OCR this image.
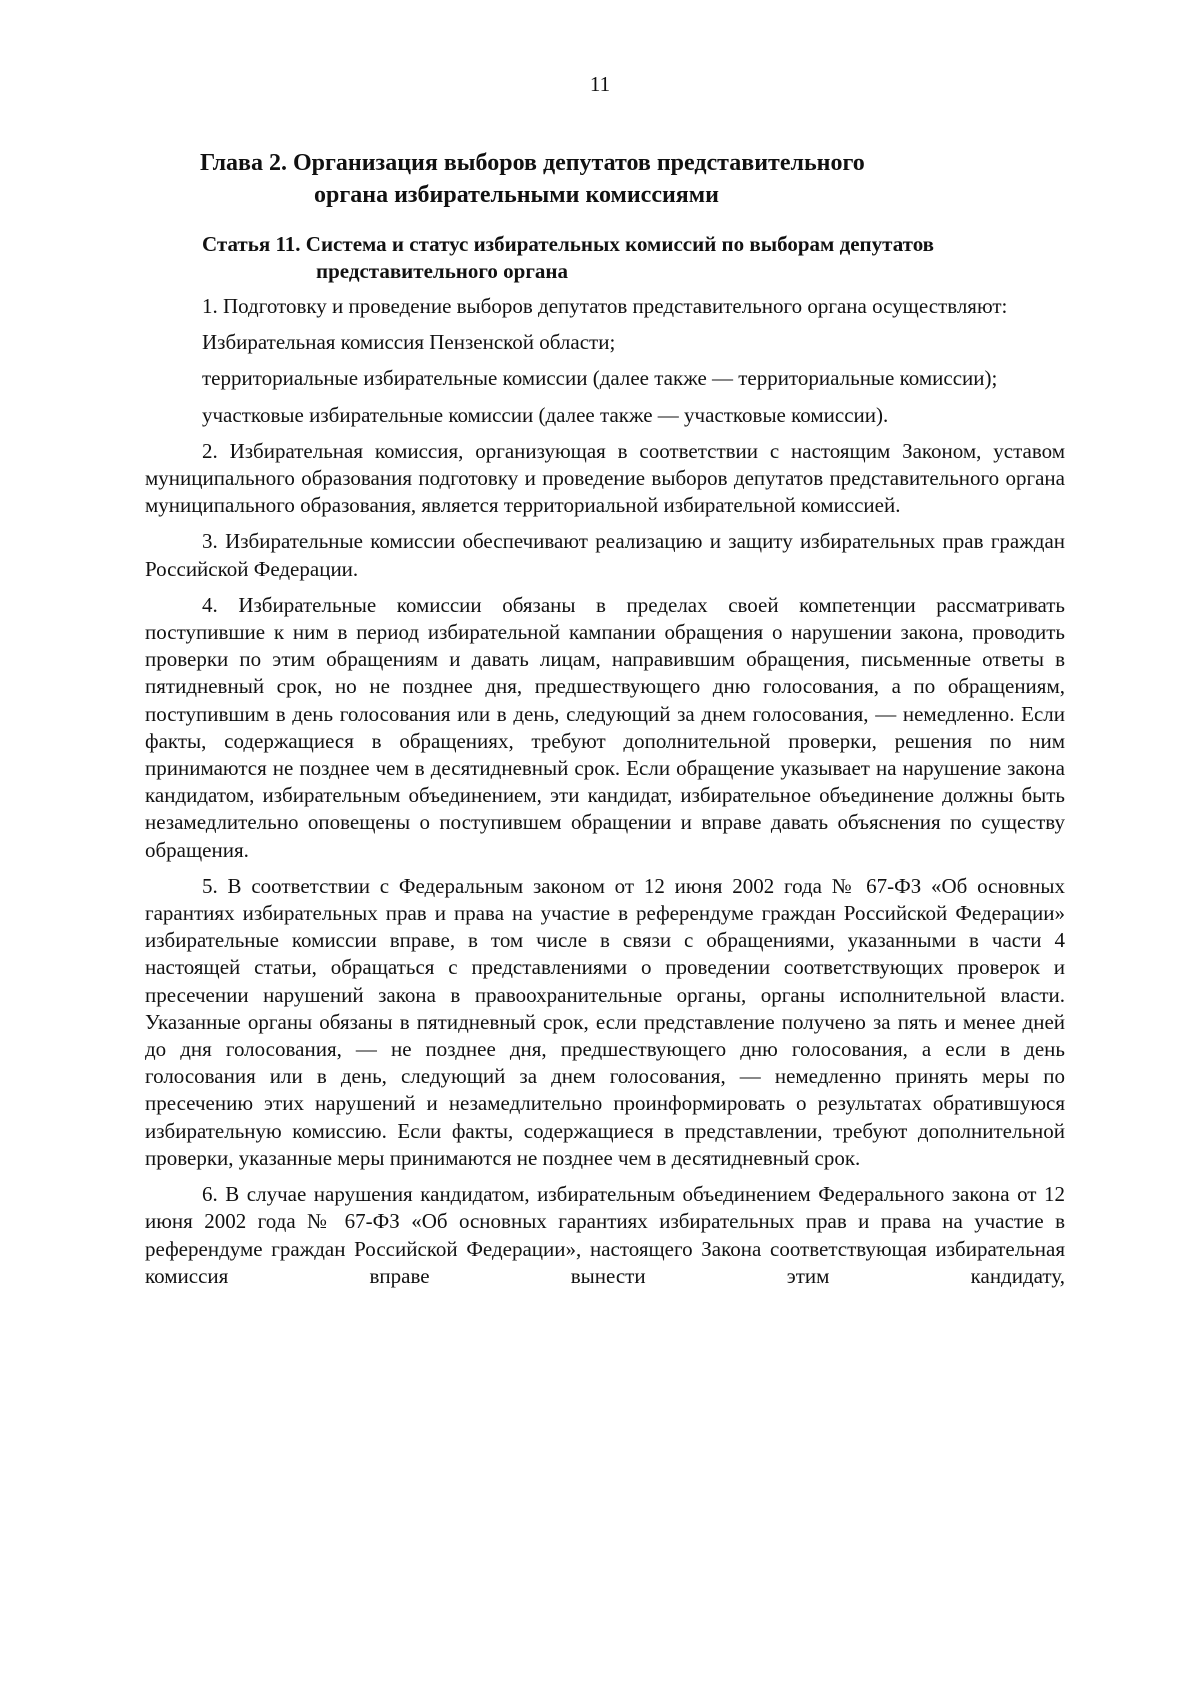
11
Глава 2. Организация выборов депутатов представительного
органа избирательными комиссиями
Статья 11. Система и статус избирательных комиссий по выборам депутатов
представительного органа

1. Подготовку и проведение выборов депутатов представительного органа осуществляют:

Избирательная комиссия Пензенской области;

территориальные избирательные комиссии (далее также — территориальные комиссии);

участковые избирательные комиссии (далее также — участковые комиссии).

2. Избирательная комиссия, организующая в соответствии с настоящим Законом, уставом муниципального образования подготовку и проведение выборов депутатов представительного органа муниципального образования, является территориальной избирательной комиссией.

3. Избирательные комиссии обеспечивают реализацию и защиту избирательных прав граждан Российской Федерации.

4. Избирательные комиссии обязаны в пределах своей компетенции рассматривать поступившие к ним в период избирательной кампании обращения о нарушении закона, проводить проверки по этим обращениям и давать лицам, направившим обращения, письменные ответы в пятидневный срок, но не позднее дня, предшествующего дню голосования, а по обращениям, поступившим в день голосования или в день, следующий за днем голосования, — немедленно. Если факты, содержащиеся в обращениях, требуют дополнительной проверки, решения по ним принимаются не позднее чем в десятидневный срок. Если обращение указывает на нарушение закона кандидатом, избирательным объединением, эти кандидат, избирательное объединение должны быть незамедлительно оповещены о поступившем обращении и вправе давать объяснения по существу обращения.

5. В соответствии с Федеральным законом от 12 июня 2002 года № 67-ФЗ «Об основных гарантиях избирательных прав и права на участие в референдуме граждан Российской Федерации» избирательные комиссии вправе, в том числе в связи с обращениями, указанными в части 4 настоящей статьи, обращаться с представлениями о проведении соответствующих проверок и пресечении нарушений закона в правоохранительные органы, органы исполнительной власти. Указанные органы обязаны в пятидневный срок, если представление получено за пять и менее дней до дня голосования, — не позднее дня, предшествующего дню голосования, а если в день голосования или в день, следующий за днем голосования, — немедленно принять меры по пресечению этих нарушений и незамедлительно проинформировать о результатах обратившуюся избирательную комиссию. Если факты, содержащиеся в представлении, требуют дополнительной проверки, указанные меры принимаются не позднее чем в десятидневный срок.

6. В случае нарушения кандидатом, избирательным объединением Федерального закона от 12 июня 2002 года № 67-ФЗ «Об основных гарантиях избирательных прав и права на участие в референдуме граждан Российской Федерации», настоящего Закона соответствующая избирательная комиссия вправе вынести этим кандидату,
